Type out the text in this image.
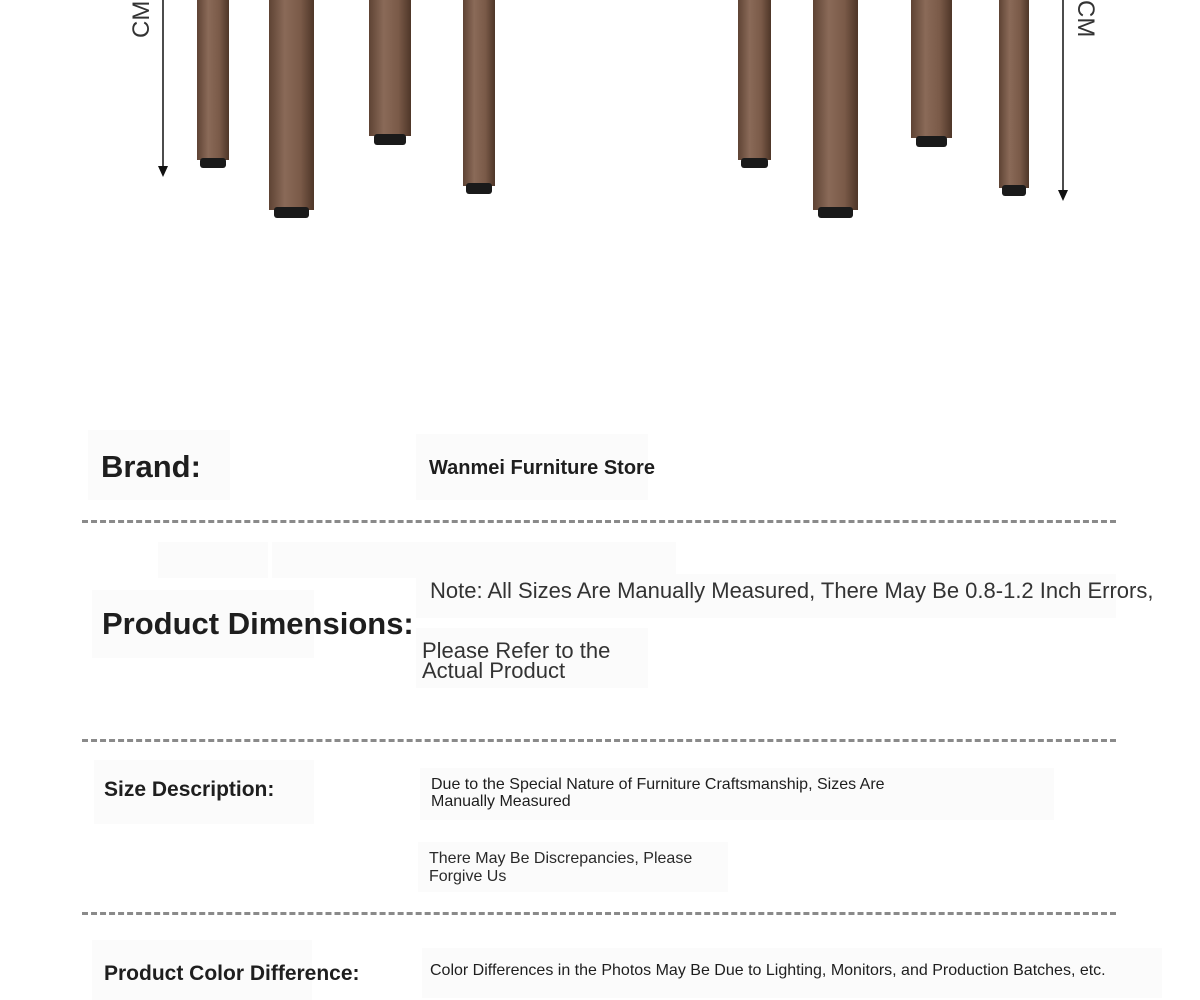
CM	CM
Brand:	Wanmei Furniture Store
Product Dimensions:
Note: All Sizes Are Manually Measured, There May Be 0.8-1.2 Inch Errors,
Please Refer to the
Actual Product
Size Description:	Due to the Special Nature of Furniture Craftsmanship, Sizes Are
Manually Measured
There May Be Discrepancies, Please
Forgive Us
Product Color Difference:	Color Differences in the Photos May Be Due to Lighting, Monitors, and Production Batches, etc.
